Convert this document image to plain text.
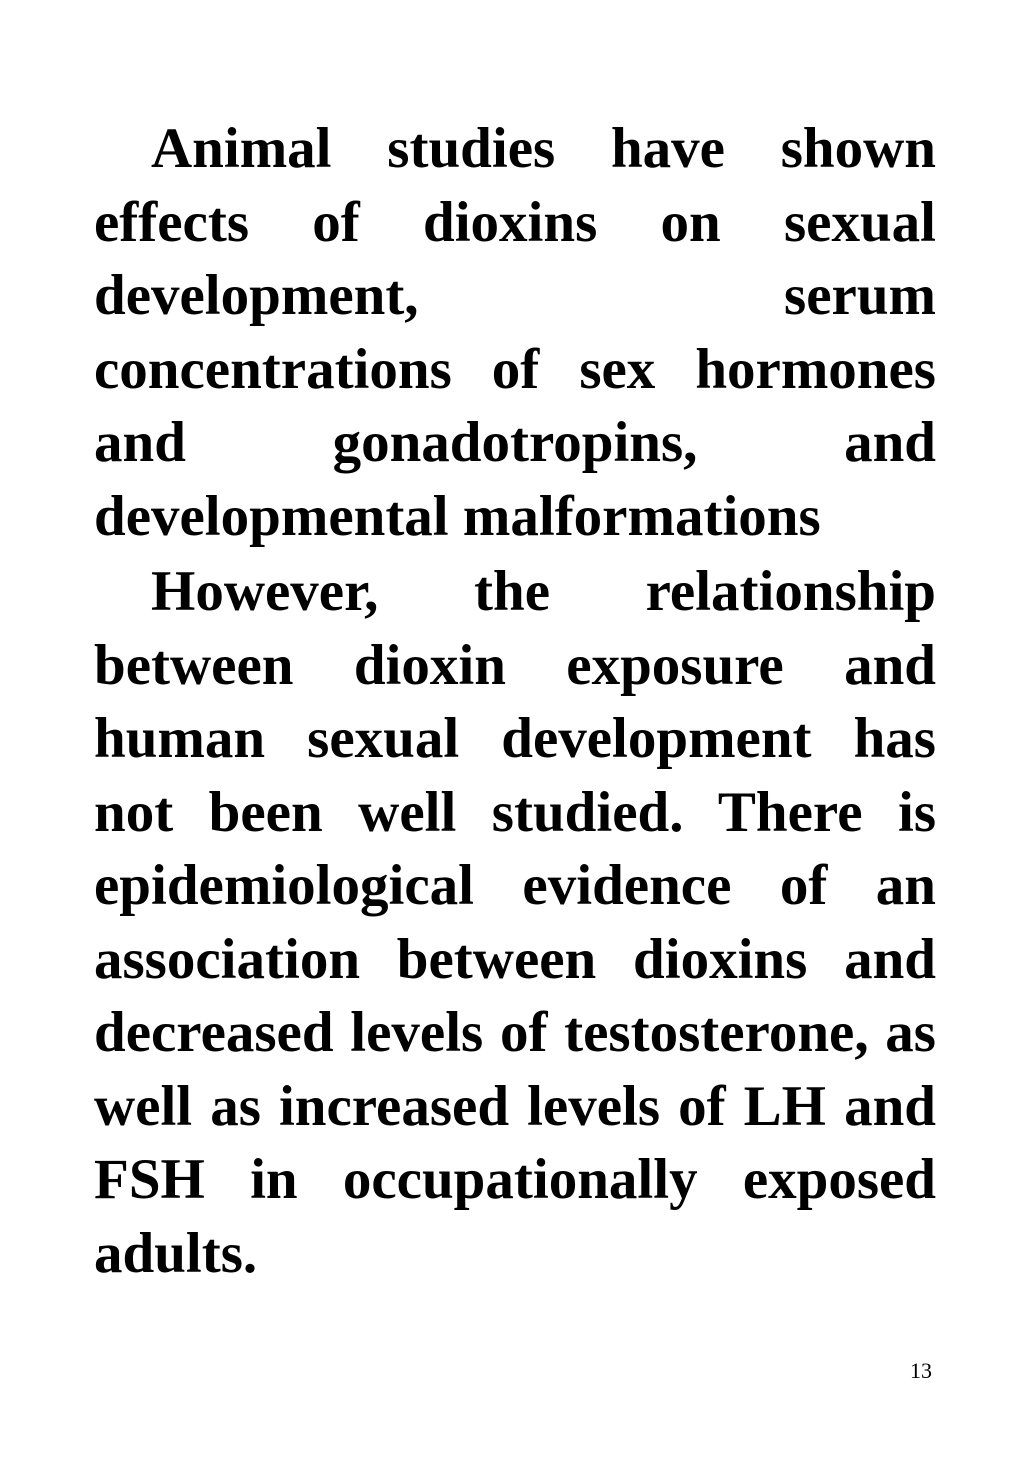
Animal studies have shown effects of dioxins on sexual development, serum concentrations of sex hormones and gonadotropins, and developmental malformations

However, the relationship between dioxin exposure and human sexual development has not been well studied. There is epidemiological evidence of an association between dioxins and decreased levels of testosterone, as well as increased levels of LH and FSH in occupationally exposed adults.

13
